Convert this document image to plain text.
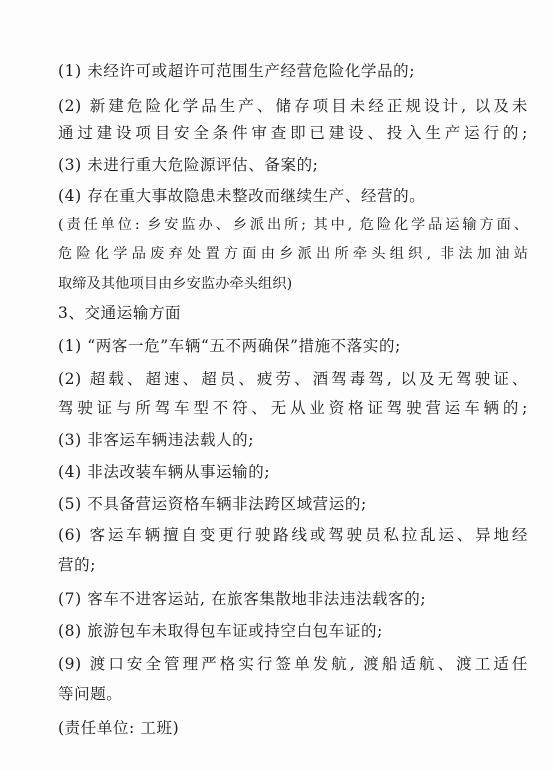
(1) 未经许可或超许可范围生产经营危险化学品的;
(2) 新建危险化学品生产、储存项目未经正规设计, 以及未
通过建设项目安全条件审查即已建设、投入生产运行的;
(3) 未进行重大危险源评估、备案的;
(4) 存在重大事故隐患未整改而继续生产、经营的。
(责任单位: 乡安监办、乡派出所; 其中, 危险化学品运输方面、
危险化学品废弃处置方面由乡派出所牵头组织, 非法加油站
取缔及其他项目由乡安监办牵头组织)
3、交通运输方面
(1) “两客一危”车辆“五不两确保”措施不落实的;
(2) 超载、超速、超员、疲劳、酒驾毒驾, 以及无驾驶证、
驾驶证与所驾车型不符、无从业资格证驾驶营运车辆的;
(3) 非客运车辆违法载人的;
(4) 非法改装车辆从事运输的;
(5) 不具备营运资格车辆非法跨区域营运的;
(6) 客运车辆擅自变更行驶路线或驾驶员私拉乱运、异地经
营的;
(7) 客车不进客运站, 在旅客集散地非法违法载客的;
(8) 旅游包车未取得包车证或持空白包车证的;
(9) 渡口安全管理严格实行签单发航, 渡船适航、渡工适任
等问题。
(责任单位: 工班)
